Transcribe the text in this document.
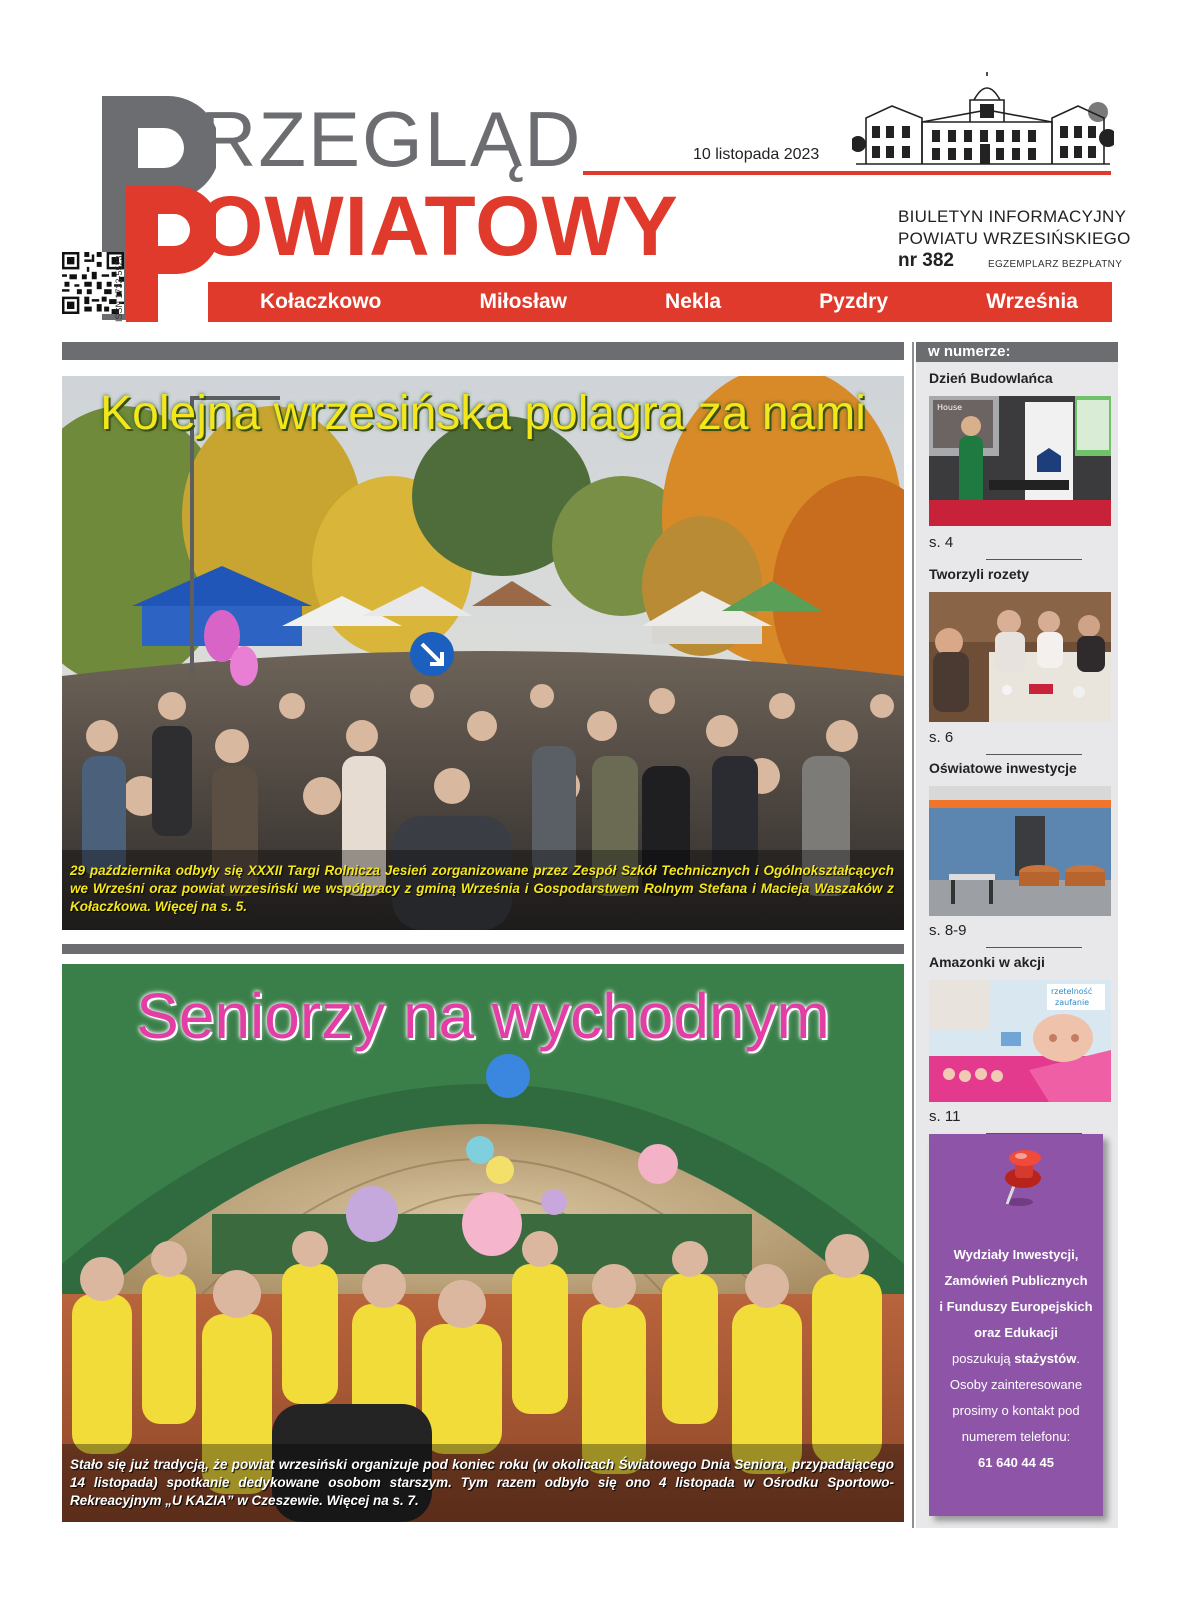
RZEGLĄD
OWIATOWY
10 listopada 2023
BIULETYN INFORMACYJNY
POWIATU WRZESIŃSKIEGO
nr 382	EGZEMPLARZ BEZPŁATNY
ISSN 1733-5523	Kołaczkowo	Miłosław	Nekla	Pyzdry	Września
Kolejna wrzesińska polagra za nami
29 października odbyły się XXXII Targi Rolnicza Jesień zorganizowane przez Zespół Szkół Technicznych i Ogólnokształcących we Wrześni oraz powiat wrzesiński we współpracy z gminą Września i Gospodarstwem Rolnym Stefana i Macieja Waszaków z Kołaczkowa. Więcej na s. 5.
Seniorzy na wychodnym
Stało się już tradycją, że powiat wrzesiński organizuje pod koniec roku (w okolicach Światowego Dnia Seniora, przypadającego 14 listopada) spotkanie dedykowane osobom starszym. Tym razem odbyło się ono 4 listopada w Ośrodku Sportowo-Rekreacyjnym „U KAZIA” w Czeszewie. Więcej na s. 7.
w numerze:
Dzień Budowlańca
House
s. 4
Tworzyli rozety
s. 6
Oświatowe inwestycje
s. 8-9
Amazonki w akcji
rzetelność
zaufanie
s. 11
Wydziały Inwestycji,
Zamówień Publicznych
i Funduszy Europejskich
oraz Edukacji
poszukują stażystów.
Osoby zainteresowane
prosimy o kontakt pod
numerem telefonu:
61 640 44 45
